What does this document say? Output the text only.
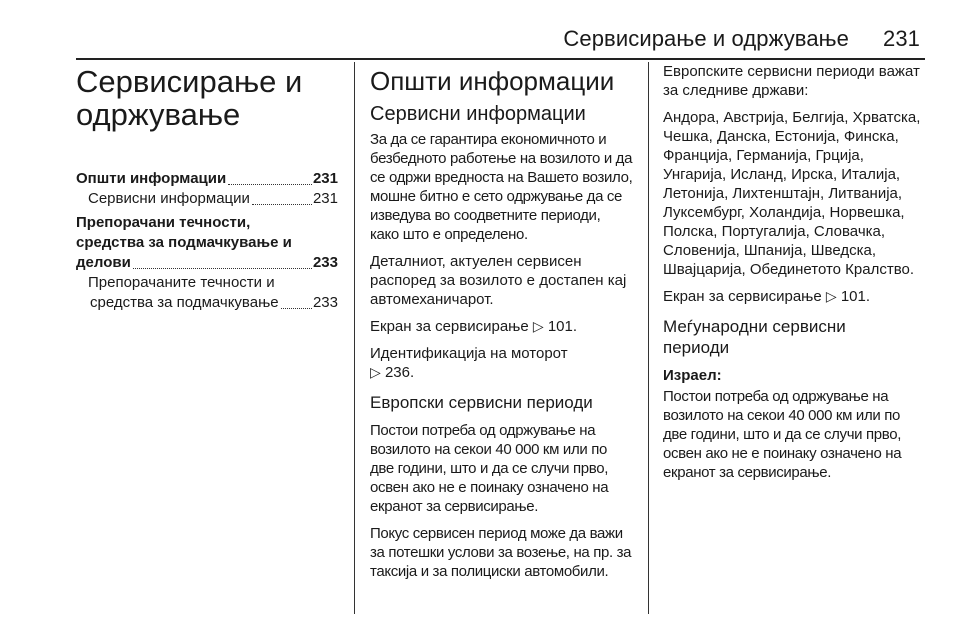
Сервисирање и одржување 231
Сервисирање и
одржување
Општи информации	231
Сервисни информации	231
Препорачани течности,
средства за подмачкување и
делови	233
Препорачаните течности и
средства за подмачкување 233
Општи информации
Сервисни информации

За да се гарантира економичното и безбедното работење на возилото и да се одржи вредноста на Вашето возило, мошне битно е сето одржување да се изведува во соодветните периоди, како што е определено.

Деталниот, актуелен сервисен распоред за возилото е достапен кај автомеханичарот.

Екран за сервисирање ▷ 101.

Идентификација на моторот
▷ 236.

Европски сервисни периоди

Постои потреба од одржување на возилото на секои 40 000 км или по две години, што и да се случи прво, освен ако не е поинаку означено на екранот за сервисирање.

Покус сервисен период може да важи за потешки услови за возење, на пр. за таксија и за полициски автомобили.

Европските сервисни периоди важат за следниве држави:

Андора, Австрија, Белгија, Хрватска, Чешка, Данска, Естонија, Финска, Франција, Германија, Грција, Унгарија, Исланд, Ирска, Италија, Летонија, Лихтенштајн, Литванија, Луксембург, Холандија, Норвешка, Полска, Португалија, Словачка, Словенија, Шпанија, Шведска, Швајцарија, Обединетото Кралство.

Екран за сервисирање ▷ 101.

Меѓународни сервисни
периоди

Израел:

Постои потреба од одржување на возилото на секои 40 000 км или по две години, што и да се случи прво, освен ако не е поинаку означено на екранот за сервисирање.
